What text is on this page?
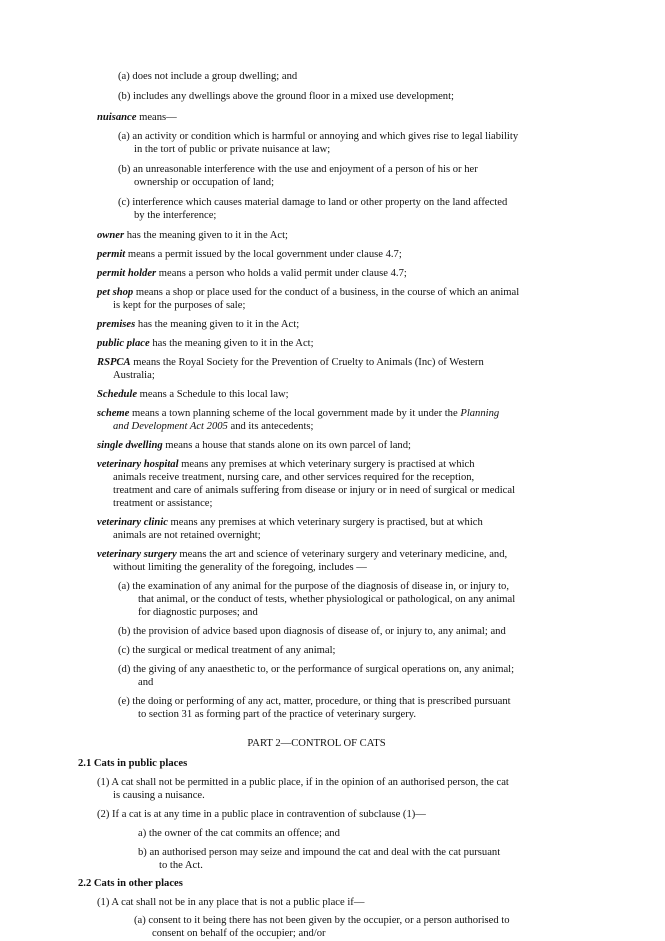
(a) does not include a group dwelling; and
(b) includes any dwellings above the ground floor in a mixed use development;
nuisance means—
(a) an activity or condition which is harmful or annoying and which gives rise to legal liability
in the tort of public or private nuisance at law;
(b) an unreasonable interference with the use and enjoyment of a person of his or her
ownership or occupation of land;
(c) interference which causes material damage to land or other property on the land affected
by the interference;
owner has the meaning given to it in the Act;
permit means a permit issued by the local government under clause 4.7;
permit holder means a person who holds a valid permit under clause 4.7;
pet shop means a shop or place used for the conduct of a business, in the course of which an animal
is kept for the purposes of sale;
premises has the meaning given to it in the Act;
public place has the meaning given to it in the Act;
RSPCA means the Royal Society for the Prevention of Cruelty to Animals (Inc) of Western
Australia;
Schedule means a Schedule to this local law;
scheme means a town planning scheme of the local government made by it under the Planning
and Development Act 2005 and its antecedents;
single dwelling means a house that stands alone on its own parcel of land;
veterinary hospital means any premises at which veterinary surgery is practised at which
animals receive treatment, nursing care, and other services required for the reception,
treatment and care of animals suffering from disease or injury or in need of surgical or medical
treatment or assistance;
veterinary clinic means any premises at which veterinary surgery is practised, but at which
animals are not retained overnight;
veterinary surgery means the art and science of veterinary surgery and veterinary medicine, and,
without limiting the generality of the foregoing, includes —
(a) the examination of any animal for the purpose of the diagnosis of disease in, or injury to,
that animal, or the conduct of tests, whether physiological or pathological, on any animal
for diagnostic purposes; and
(b) the provision of advice based upon diagnosis of disease of, or injury to, any animal; and
(c) the surgical or medical treatment of any animal;
(d) the giving of any anaesthetic to, or the performance of surgical operations on, any animal;
and
(e) the doing or performing of any act, matter, procedure, or thing that is prescribed pursuant
to section 31 as forming part of the practice of veterinary surgery.
PART 2—CONTROL OF CATS
2.1 Cats in public places
(1) A cat shall not be permitted in a public place, if in the opinion of an authorised person, the cat
is causing a nuisance.
(2) If a cat is at any time in a public place in contravention of subclause (1)—
a) the owner of the cat commits an offence; and
b) an authorised person may seize and impound the cat and deal with the cat pursuant
to the Act.
2.2 Cats in other places
(1) A cat shall not be in any place that is not a public place if—
(a) consent to it being there has not been given by the occupier, or a person authorised to
consent on behalf of the occupier; and/or
